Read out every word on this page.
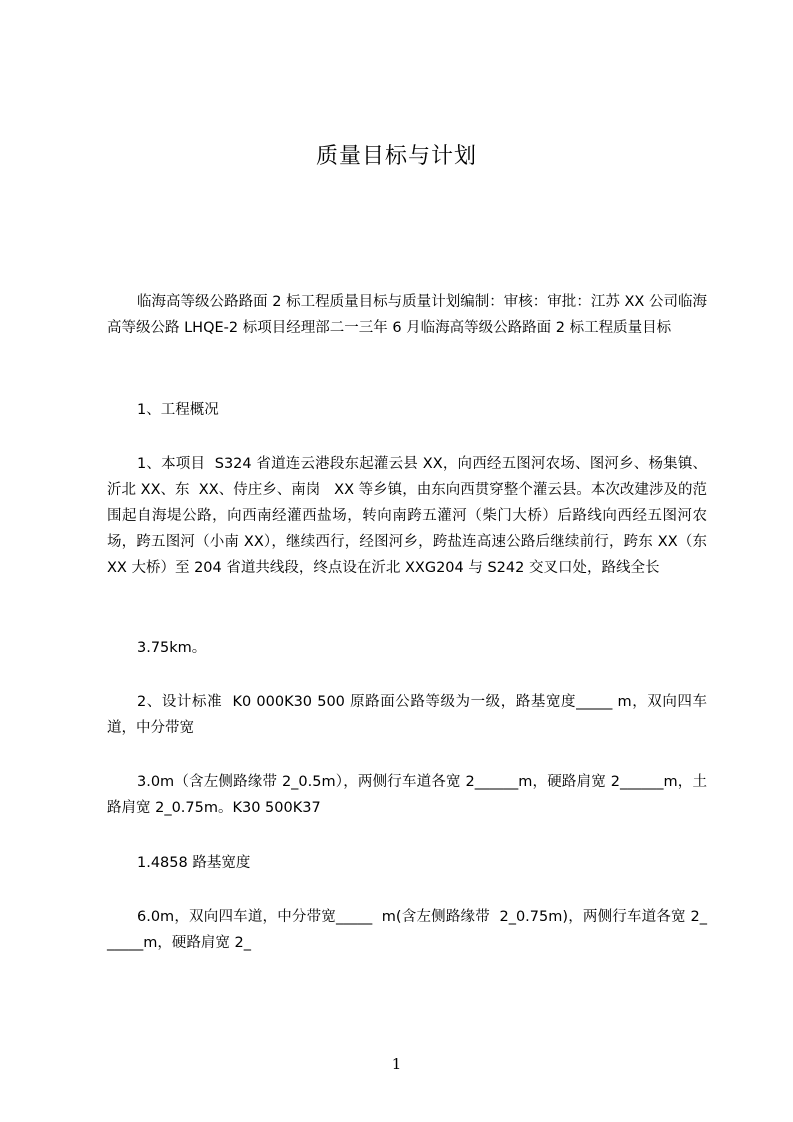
质量目标与计划
临海高等级公路路面 2 标工程质量目标与质量计划编制：审核：审批：江苏 XX 公司临海高等级公路 LHQE-2 标项目经理部二一三年 6 月临海高等级公路路面 2 标工程质量目标
1、工程概况
1、本项目  S324 省道连云港段东起灌云县 XX，向西经五图河农场、图河乡、杨集镇、沂北 XX、东  XX、侍庄乡、南岗   XX 等乡镇，由东向西贯穿整个灌云县。本次改建涉及的范围起自海堤公路，向西南经灌西盐场，转向南跨五灌河（柴门大桥）后路线向西经五图河农场，跨五图河（小南 XX），继续西行，经图河乡，跨盐连高速公路后继续前行，跨东 XX（东 XX 大桥）至 204 省道共线段，终点设在沂北 XXG204 与 S242 交叉口处，路线全长
3.75km。
2、设计标准  K0 000K30 500 原路面公路等级为一级，路基宽度_____ m，双向四车道，中分带宽
3.0m（含左侧路缘带 2_0.5m），两侧行车道各宽 2______m，硬路肩宽 2______m，土路肩宽 2_0.75m。K30 500K37
1.4858 路基宽度
6.0m，双向四车道，中分带宽_____  m(含左侧路缘带  2_0.75m)，两侧行车道各宽 2______m，硬路肩宽 2_
1
